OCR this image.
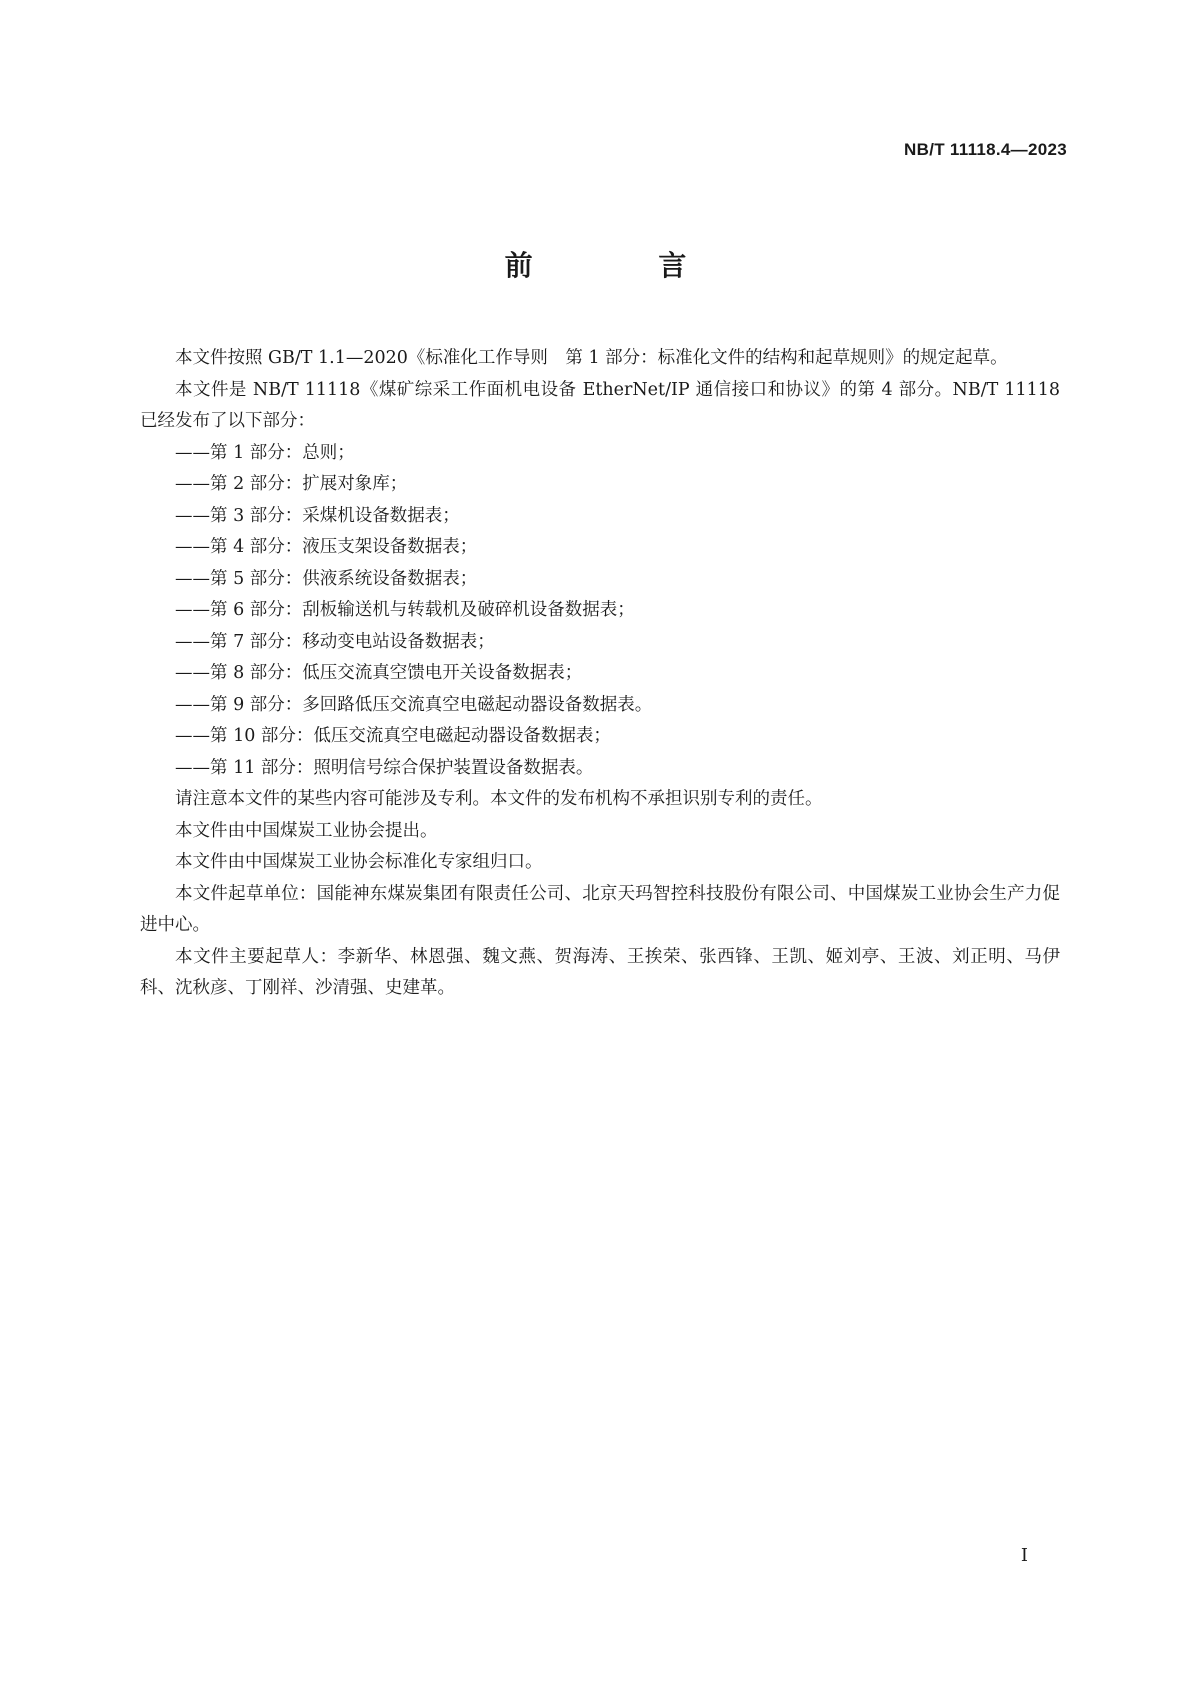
NB/T 11118.4—2023
前 言

本文件按照 GB/T 1.1—2020《标准化工作导则　第 1 部分：标准化文件的结构和起草规则》的规定起草。

本文件是 NB/T 11118《煤矿综采工作面机电设备 EtherNet/IP 通信接口和协议》的第 4 部分。NB/T 11118 已经发布了以下部分：

——第 1 部分：总则；
——第 2 部分：扩展对象库；
——第 3 部分：采煤机设备数据表；
——第 4 部分：液压支架设备数据表；
——第 5 部分：供液系统设备数据表；
——第 6 部分：刮板输送机与转载机及破碎机设备数据表；
——第 7 部分：移动变电站设备数据表；
——第 8 部分：低压交流真空馈电开关设备数据表；
——第 9 部分：多回路低压交流真空电磁起动器设备数据表。
——第 10 部分：低压交流真空电磁起动器设备数据表；
——第 11 部分：照明信号综合保护装置设备数据表。

请注意本文件的某些内容可能涉及专利。本文件的发布机构不承担识别专利的责任。

本文件由中国煤炭工业协会提出。

本文件由中国煤炭工业协会标准化专家组归口。

本文件起草单位：国能神东煤炭集团有限责任公司、北京天玛智控科技股份有限公司、中国煤炭工业协会生产力促进中心。

本文件主要起草人：李新华、林恩强、魏文燕、贺海涛、王挨荣、张西锋、王凯、姬刘亭、王波、刘正明、马伊科、沈秋彦、丁刚祥、沙清强、史建革。

I
